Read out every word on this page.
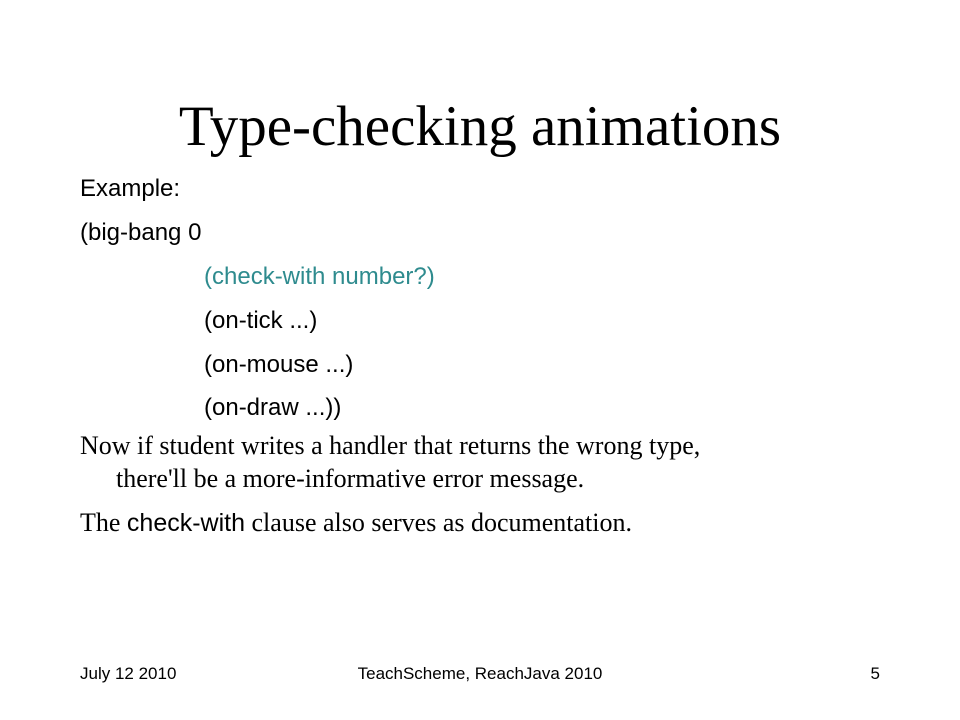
Type-checking animations
Example:
(big-bang 0
(check-with number?)
(on-tick ...)
(on-mouse ...)
(on-draw ...))
Now if student writes a handler that returns the wrong type,
there'll be a more-informative error message.
The check-with clause also serves as documentation.
July 12 2010	TeachScheme, ReachJava 2010	5
